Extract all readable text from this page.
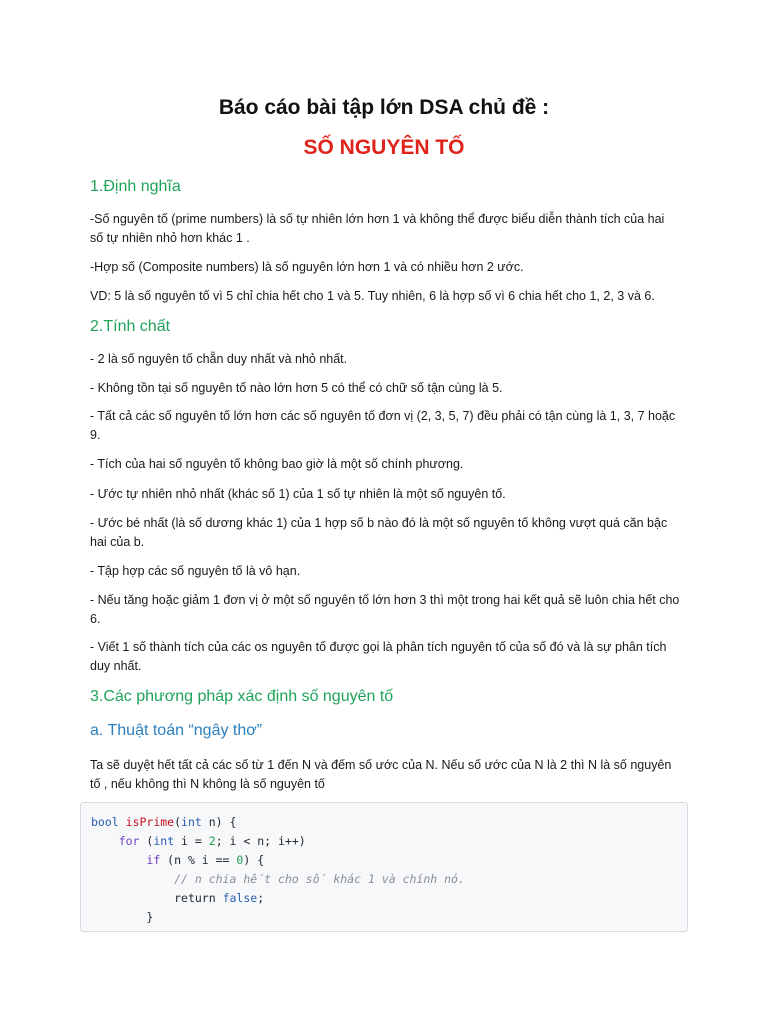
Báo cáo bài tập lớn DSA chủ đề :
SỐ NGUYÊN TỐ
1.Định nghĩa
-Số nguyên tố (prime numbers) là số tự nhiên lớn hơn 1 và không thể được biểu diễn thành tích của hai số tự nhiên nhỏ hơn khác 1 .
-Hợp số (Composite numbers) là số nguyên lớn hơn 1 và có nhiều hơn 2 ước.
VD: 5 là số nguyên tố vì 5 chỉ chia hết cho 1 và 5. Tuy nhiên, 6 là hợp số vì 6 chia hết cho 1, 2, 3 và 6.
2.Tính chất
- 2 là số nguyên tố chẵn duy nhất và nhỏ nhất.
- Không tồn tại số nguyên tố nào lớn hơn 5 có thể có chữ số tận cùng là 5.
- Tất cả các số nguyên tố lớn hơn các số nguyên tố đơn vị (2, 3, 5, 7) đều phải có tận cùng là 1, 3, 7 hoặc 9.
- Tích của hai số nguyên tố không bao giờ là một số chính phương.
- Ước tự nhiên nhỏ nhất (khác số 1) của 1 số tự nhiên là một số nguyên tố.
- Ước bé nhất (là số dương khác 1) của 1 hợp số b nào đó là một số nguyên tố không vượt quá căn bậc hai của b.
- Tập hợp các số nguyên tố là vô hạn.
- Nếu tăng hoặc giảm 1 đơn vị ở một số nguyên tố lớn hơn 3 thì một trong hai kết quả sẽ luôn chia hết cho 6.
- Viết 1 số thành tích của các os nguyên tố được gọi là phân tích nguyên tố của số đó và là sự phân tích duy nhất.
3.Các phương pháp xác định số nguyên tố
a. Thuật toán “ngây thơ”
Ta sẽ duyệt hết tất cả các số từ 1 đến N và đếm số ước của N. Nếu số ước của N là 2 thì N là số nguyên tố , nếu không thì N không là số nguyên tố
bool isPrime(int n) {
for (int i = 2; i < n; i++)
if (n % i == 0) {
// n chia hết cho số khác 1 và chính nó.
return false;
}
